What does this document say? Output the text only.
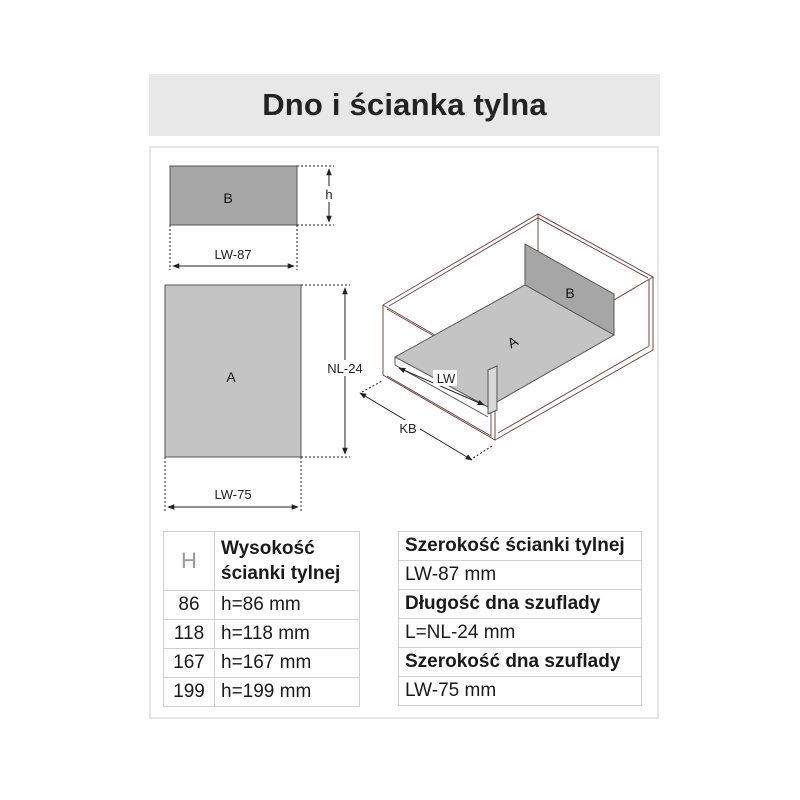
Dno i ścianka tylna
B	h
LW-87
A
NL-24
LW-75
B
A
LW
KB
H	Wysokość
ścianki tylnej
86	h=86 mm
118	h=118 mm
167	h=167 mm
199	h=199 mm
Szerokość ścianki tylnej
LW-87 mm
Długość dna szuflady
L=NL-24 mm
Szerokość dna szuflady
LW-75 mm
